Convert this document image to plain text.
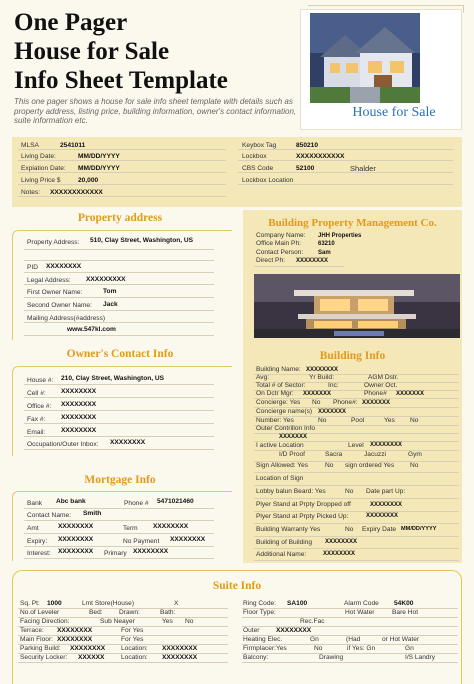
One Pager
House for Sale
Info Sheet Template
This one pager shows a house for sale info sheet template with details such as property address, listing price, building information, owner's contact information, suite information etc.
House for Sale
MLSA	2541011
Living Date:	MM/DD/YYYY
Expiation Date: MM/DD/YYYY
Living Price $	20,000
Notes: XXXXXXXXXXXX
Keybox Tag	850210
Lockbox	XXXXXXXXXXX
CBS Code	52100	Shalder
Lockbox Location
Property address
Property Address: 510, Clay Street, Washington, US
PID XXXXXXXX
Legal Address: XXXXXXXXX
First Owner Name:	Tom
Second Owner Name: Jack
Mailing Address(#address)
www.547kl.com
Owner's Contact Info
House #: 210, Clay Street, Washington, US
Cell #: XXXXXXXX
Office #: XXXXXXXX
Fax #: XXXXXXXX
Email: XXXXXXXX
Occupation/Outer Inbox: XXXXXXXX
Mortgage Info
Bank Abc bank	Phone # 5471021460
Contact Name: Smith
Amt	XXXXXXXX	Term XXXXXXXX
Expiry: XXXXXXXX	No Payment XXXXXXXX
Interest: XXXXXXXX Primary XXXXXXXX
Building Property Management Co.
Company Name: JHH Properties
Office Main Ph:	63210
Contact Person: Sam
Direct Ph: XXXXXXXX
Building Info
Building Name: XXXXXXXX
Avg:	Yr Build:	AGM Dstr.
Total # of Sector:	Inc:	Owner Oct.
On Dctr Mgr: XXXXXXX	Phone# XXXXXXX
Concierge: Yes No Phone#: XXXXXXX
Concierge name(s) XXXXXXX
Number: Yes	No	Pool	Yes No
Outer Contrillon Info
XXXXXXX
I active Location	Level XXXXXXXX
I/D Proof	Sacra	Jacuzzi	Gym
Sign Allowed: Yes	No sign ordered Yes No
Location of Sign
Lobby balun Beard: Yes	No Date part Up:
Plyer Stand at Prpty Dropped off	XXXXXXXX
Plyer Stand at Prpty Picked Up:	XXXXXXXX
Building Warranty Yes	No Expiry Date MM/DD/YYYY
Building of Building XXXXXXXX
Additional Name:	XXXXXXXX
Suite Info
Sq. Pt: 1000	Lmt Store(House)	X
No.of Leveler	Bed: Drawn:	Bath:
Facing Direction:	Sub Neayer	Yes No
Terrace: XXXXXXXX	For Yes
Main Floor: XXXXXXXX	For Yes
Parking Build: XXXXXXXX Location: XXXXXXXX
Security Locker: XXXXXX	Location: XXXXXXXX
Ring Code: SA100	Alarm Code 54K00
Floor Type:	Hot Water	Bare Hot
Rec.Fac
Outer	XXXXXXXX
Heating Elec.	Gn	(Had	or Hot Water
Firmplacer:Yes	No	if Yes: Gn	Gn
Balcony:	Drawing	I/S Landry
